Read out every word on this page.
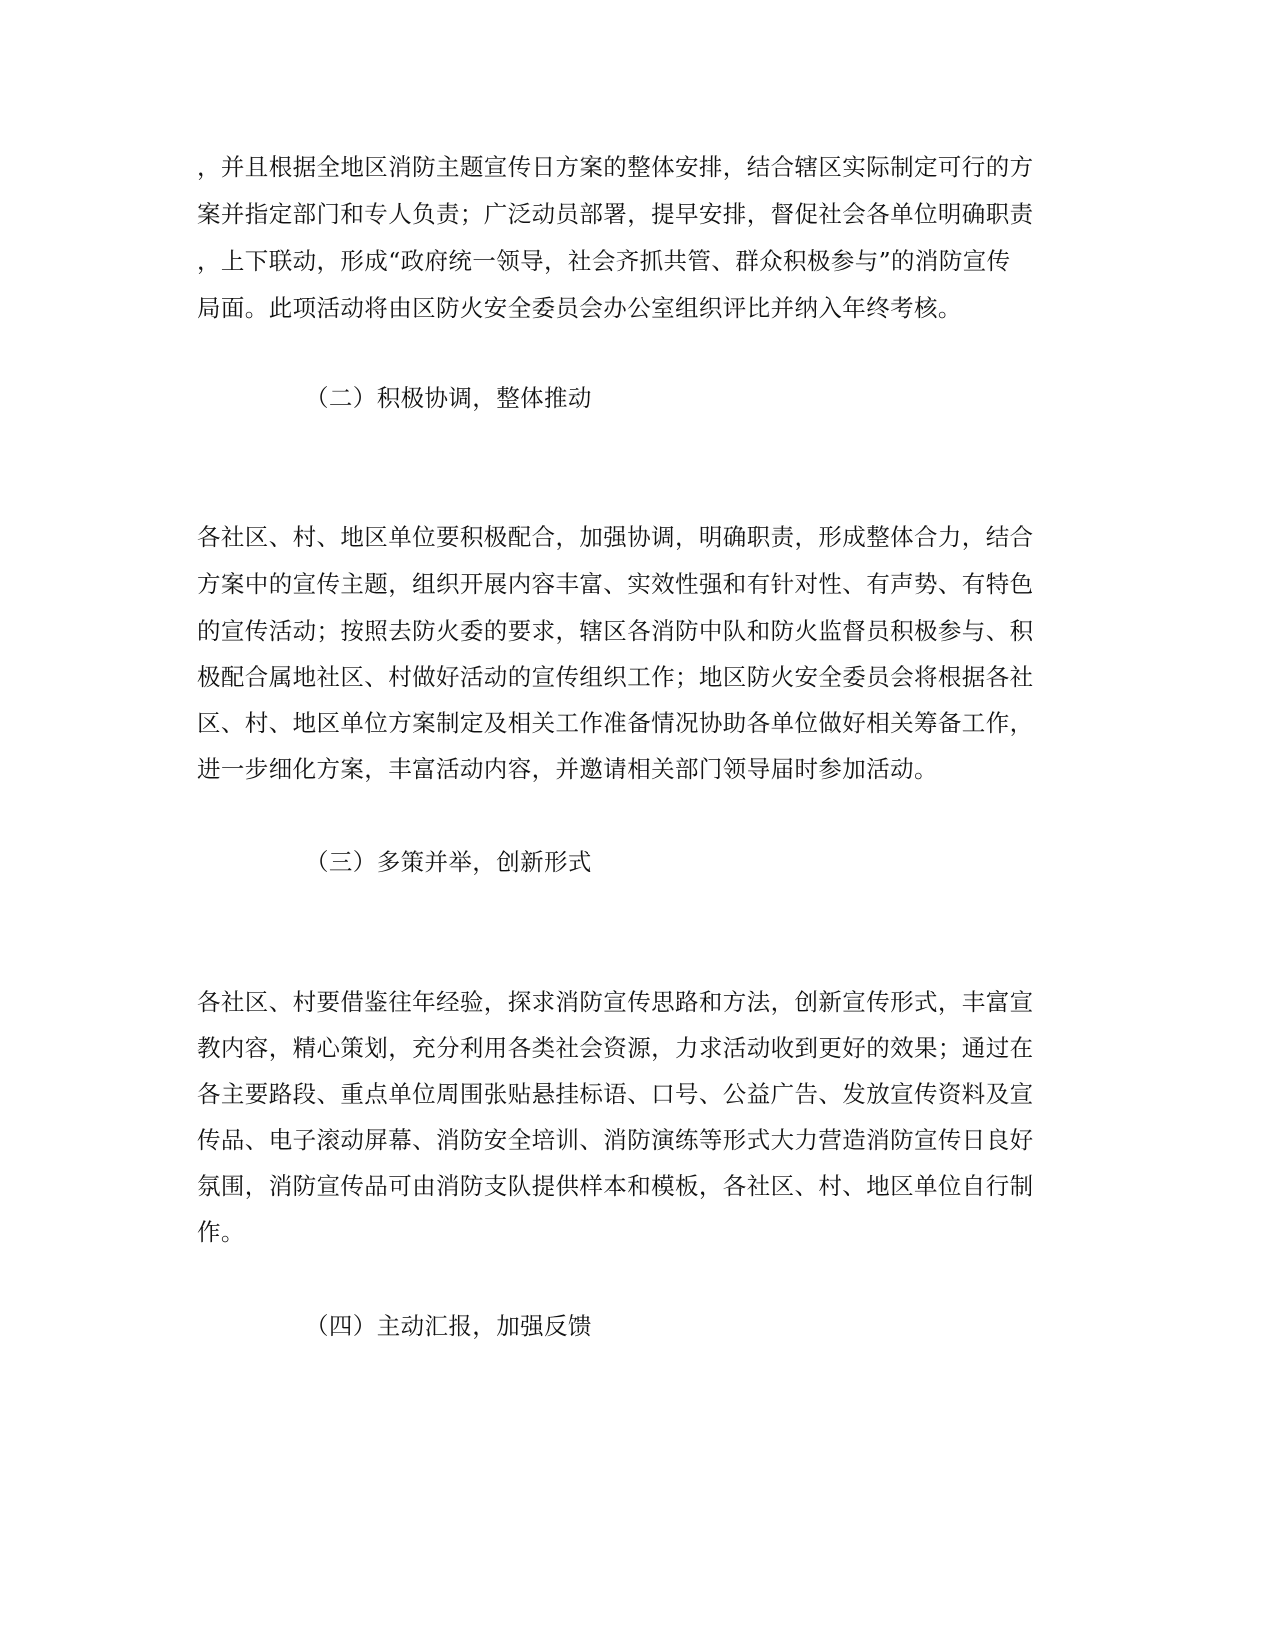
，并且根据全地区消防主题宣传日方案的整体安排，结合辖区实际制定可行的方
案并指定部门和专人负责；广泛动员部署，提早安排，督促社会各单位明确职责
，上下联动，形成“政府统一领导，社会齐抓共管、群众积极参与”的消防宣传
局面。此项活动将由区防火安全委员会办公室组织评比并纳入年终考核。
（二）积极协调，整体推动
各社区、村、地区单位要积极配合，加强协调，明确职责，形成整体合力，结合
方案中的宣传主题，组织开展内容丰富、实效性强和有针对性、有声势、有特色
的宣传活动；按照去防火委的要求，辖区各消防中队和防火监督员积极参与、积
极配合属地社区、村做好活动的宣传组织工作；地区防火安全委员会将根据各社
区、村、地区单位方案制定及相关工作准备情况协助各单位做好相关筹备工作，
进一步细化方案，丰富活动内容，并邀请相关部门领导届时参加活动。
（三）多策并举，创新形式
各社区、村要借鉴往年经验，探求消防宣传思路和方法，创新宣传形式，丰富宣
教内容，精心策划，充分利用各类社会资源，力求活动收到更好的效果；通过在
各主要路段、重点单位周围张贴悬挂标语、口号、公益广告、发放宣传资料及宣
传品、电子滚动屏幕、消防安全培训、消防演练等形式大力营造消防宣传日良好
氛围，消防宣传品可由消防支队提供样本和模板，各社区、村、地区单位自行制
作。
（四）主动汇报，加强反馈
